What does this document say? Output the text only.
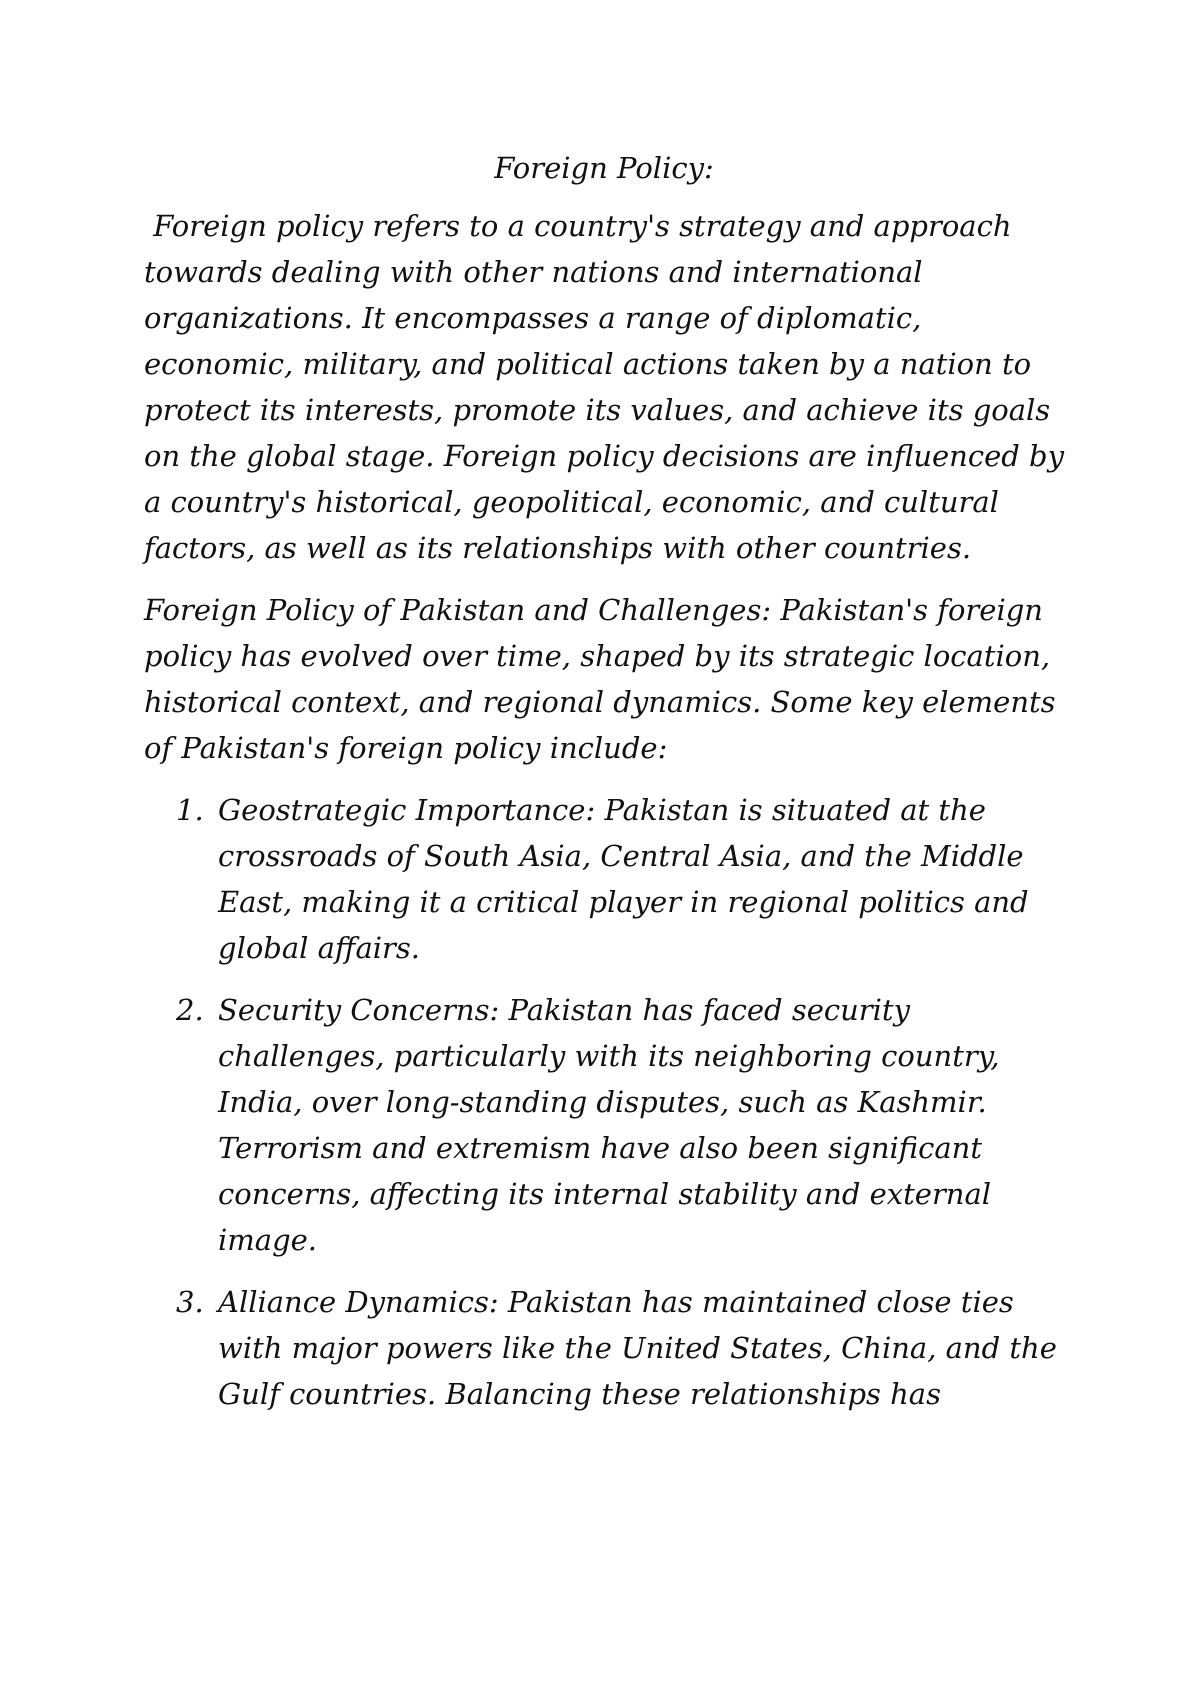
Foreign Policy:

Foreign policy refers to a country's strategy and approach towards dealing with other nations and international organizations. It encompasses a range of diplomatic, economic, military, and political actions taken by a nation to protect its interests, promote its values, and achieve its goals on the global stage. Foreign policy decisions are influenced by a country's historical, geopolitical, economic, and cultural factors, as well as its relationships with other countries.

Foreign Policy of Pakistan and Challenges: Pakistan's foreign policy has evolved over time, shaped by its strategic location, historical context, and regional dynamics. Some key elements of Pakistan's foreign policy include:

1. Geostrategic Importance: Pakistan is situated at the crossroads of South Asia, Central Asia, and the Middle East, making it a critical player in regional politics and global affairs.
2. Security Concerns: Pakistan has faced security challenges, particularly with its neighboring country, India, over long-standing disputes, such as Kashmir. Terrorism and extremism have also been significant concerns, affecting its internal stability and external image.
3. Alliance Dynamics: Pakistan has maintained close ties with major powers like the United States, China, and the Gulf countries. Balancing these relationships has
